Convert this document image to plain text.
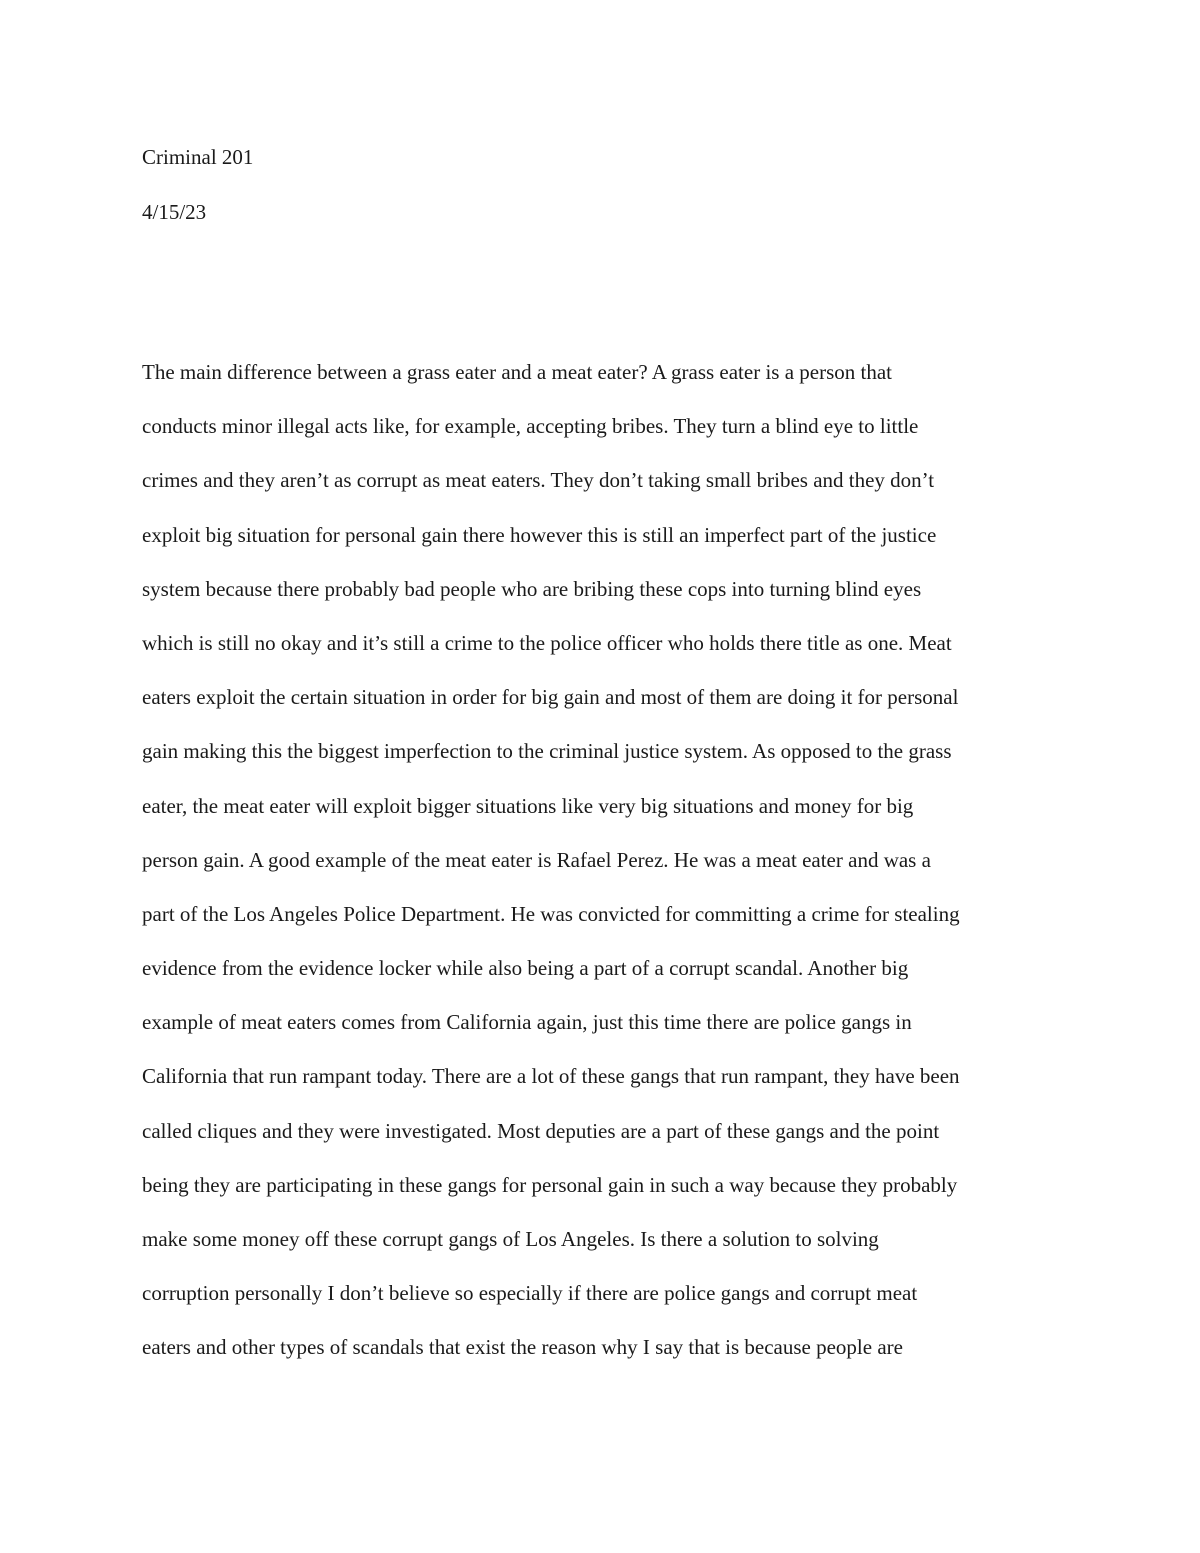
Criminal 201
4/15/23
The main difference between a grass eater and a meat eater? A grass eater is a person that
conducts minor illegal acts like, for example, accepting bribes. They turn a blind eye to little
crimes and they aren’t as corrupt as meat eaters. They don’t taking small bribes and they don’t
exploit big situation for personal gain there however this is still an imperfect part of the justice
system because there probably bad people who are bribing these cops into turning blind eyes
which is still no okay and it’s still a crime to the police officer who holds there title as one. Meat
eaters exploit the certain situation in order for big gain and most of them are doing it for personal
gain making this the biggest imperfection to the criminal justice system. As opposed to the grass
eater, the meat eater will exploit bigger situations like very big situations and money for big
person gain. A good example of the meat eater is Rafael Perez. He was a meat eater and was a
part of the Los Angeles Police Department. He was convicted for committing a crime for stealing
evidence from the evidence locker while also being a part of a corrupt scandal. Another big
example of meat eaters comes from California again, just this time there are police gangs in
California that run rampant today. There are a lot of these gangs that run rampant, they have been
called cliques and they were investigated. Most deputies are a part of these gangs and the point
being they are participating in these gangs for personal gain in such a way because they probably
make some money off these corrupt gangs of Los Angeles. Is there a solution to solving
corruption personally I don’t believe so especially if there are police gangs and corrupt meat
eaters and other types of scandals that exist the reason why I say that is because people are
